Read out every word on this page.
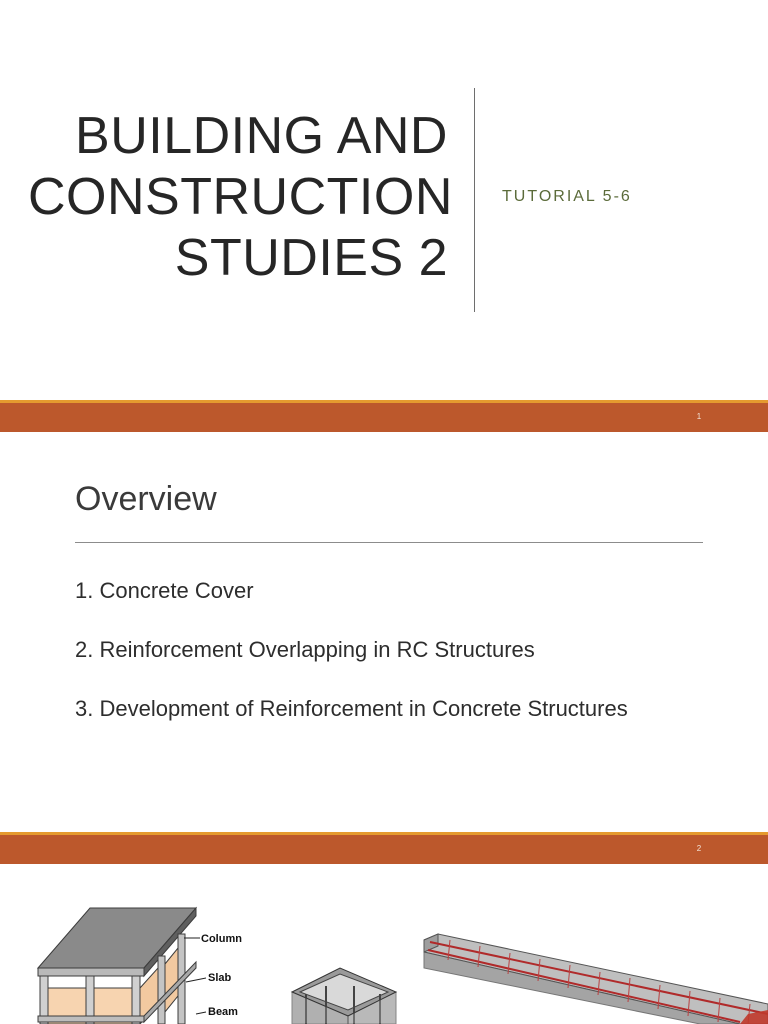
BUILDING AND
CONSTRUCTION
STUDIES 2
TUTORIAL 5-6
1
Overview
1. Concrete Cover
2. Reinforcement Overlapping in RC Structures
3. Development of Reinforcement in Concrete Structures
2
Column
Slab
Beam
